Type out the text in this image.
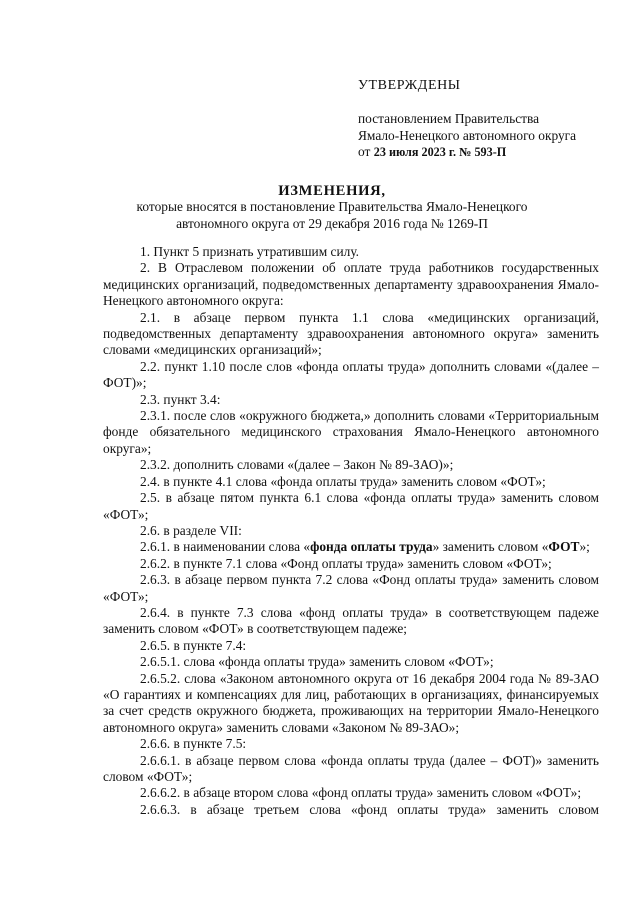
УТВЕРЖДЕНЫ
постановлением Правительства
Ямало-Ненецкого автономного округа
от 23 июля 2023 г. № 593-П
ИЗМЕНЕНИЯ,
которые вносятся в постановление Правительства Ямало-Ненецкого
автономного округа от 29 декабря 2016 года № 1269-П

1. Пункт 5 признать утратившим силу.

2. В Отраслевом положении об оплате труда работников государственных медицинских организаций, подведомственных департаменту здравоохранения Ямало-Ненецкого автономного округа:

2.1. в абзаце первом пункта 1.1 слова «медицинских организаций, подведомственных департаменту здравоохранения автономного округа» заменить словами «медицинских организаций»;

2.2. пункт 1.10 после слов «фонда оплаты труда» дополнить словами «(далее – ФОТ)»;

2.3. пункт 3.4:

2.3.1. после слов «окружного бюджета,» дополнить словами «Территориальным фонде обязательного медицинского страхования Ямало-Ненецкого автономного округа»;

2.3.2. дополнить словами «(далее – Закон № 89-ЗАО)»;

2.4. в пункте 4.1 слова «фонда оплаты труда» заменить словом «ФОТ»;

2.5. в абзаце пятом пункта 6.1 слова «фонда оплаты труда» заменить словом «ФОТ»;

2.6. в разделе VII:

2.6.1. в наименовании слова «фонда оплаты труда» заменить словом «ФОТ»;

2.6.2. в пункте 7.1 слова «Фонд оплаты труда» заменить словом «ФОТ»;

2.6.3. в абзаце первом пункта 7.2 слова «Фонд оплаты труда» заменить словом «ФОТ»;

2.6.4. в пункте 7.3 слова «фонд оплаты труда» в соответствующем падеже заменить словом «ФОТ» в соответствующем падеже;

2.6.5. в пункте 7.4:

2.6.5.1. слова «фонда оплаты труда» заменить словом «ФОТ»;

2.6.5.2. слова «Законом автономного округа от 16 декабря 2004 года № 89-ЗАО «О гарантиях и компенсациях для лиц, работающих в организациях, финансируемых за счет средств окружного бюджета, проживающих на территории Ямало-Ненецкого автономного округа» заменить словами «Законом № 89-ЗАО»;

2.6.6. в пункте 7.5:

2.6.6.1. в абзаце первом слова «фонда оплаты труда (далее – ФОТ)» заменить словом «ФОТ»;

2.6.6.2. в абзаце втором слова «фонд оплаты труда» заменить словом «ФОТ»;

2.6.6.3. в абзаце третьем слова «фонд оплаты труда» заменить словом
